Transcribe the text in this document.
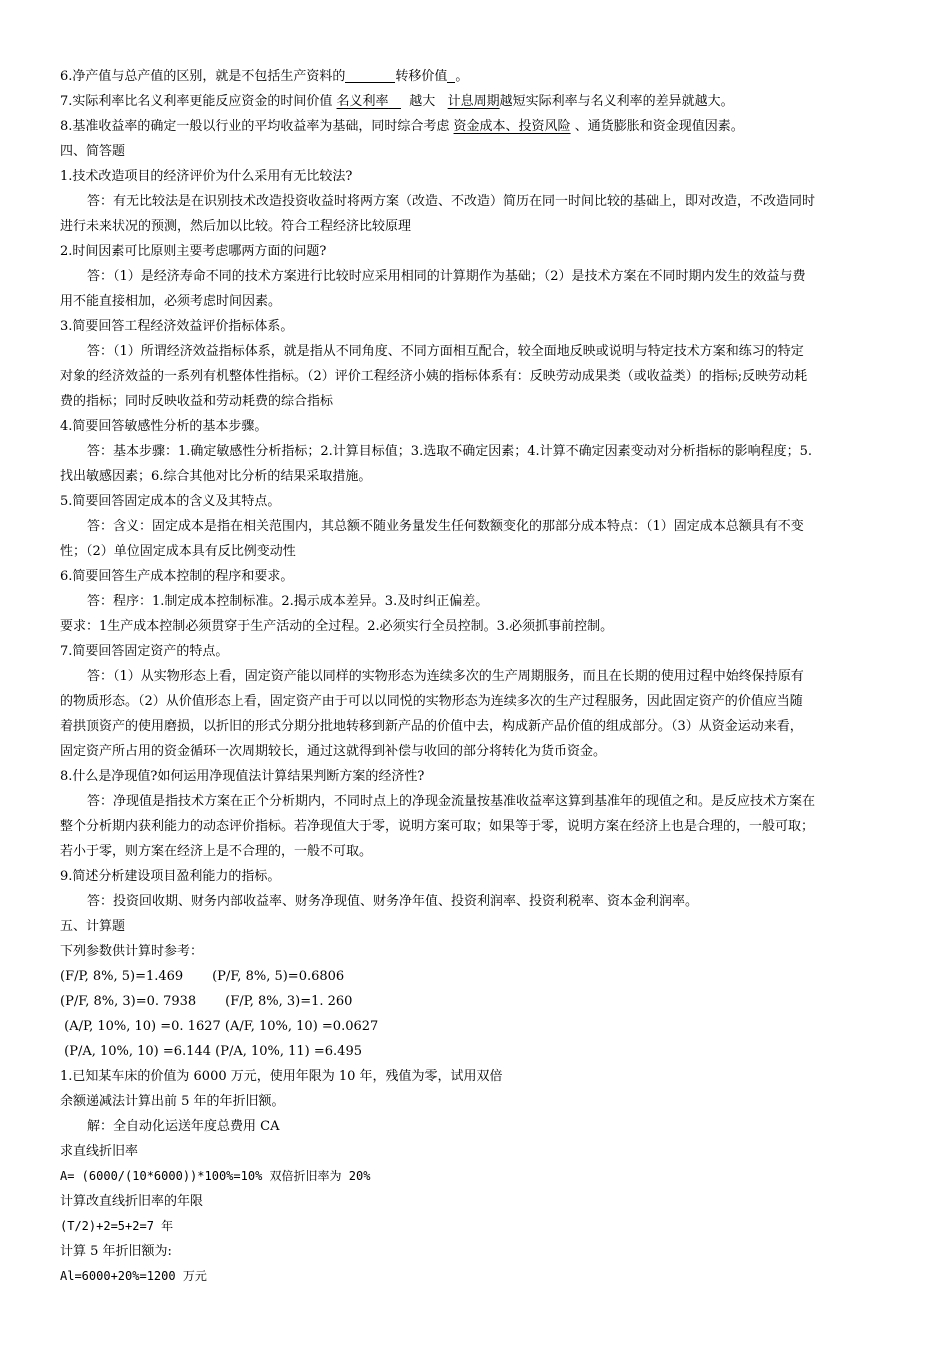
6.净产值与总产值的区别，就是不包括生产资料的	转移价值 。
7.实际利率比名义利率更能反应资金的时间价值 名义利率     越大   计息周期越短实际利率与名义利率的差异就越大。
8.基准收益率的确定一般以行业的平均收益率为基础，同时综合考虑 资金成本、投资风险 、通货膨胀和资金现值因素。
四、简答题
1.技术改造项目的经济评价为什么采用有无比较法?
答：有无比较法是在识别技术改造投资收益时将两方案（改造、不改造）简历在同一时间比较的基础上，即对改造，不改造同时
进行未来状况的预测，然后加以比较。符合工程经济比较原理
2.时间因素可比原则主要考虑哪两方面的问题?
答：（1）是经济寿命不同的技术方案进行比较时应采用相同的计算期作为基础；（2）是技术方案在不同时期内发生的效益与费
用不能直接相加，必须考虑时间因素。
3.简要回答工程经济效益评价指标体系。
答：（1）所谓经济效益指标体系，就是指从不同角度、不同方面相互配合，较全面地反映或说明与特定技术方案和练习的特定
对象的经济效益的一系列有机整体性指标。（2）评价工程经济小姨的指标体系有：反映劳动成果类（或收益类）的指标;反映劳动耗
费的指标；同时反映收益和劳动耗费的综合指标
4.简要回答敏感性分析的基本步骤。
答：基本步骤：1.确定敏感性分析指标；2.计算目标值；3.选取不确定因素；4.计算不确定因素变动对分析指标的影响程度；5.
找出敏感因素；6.综合其他对比分析的结果采取措施。
5.简要回答固定成本的含义及其特点。
答：含义：固定成本是指在相关范围内，其总额不随业务量发生任何数额变化的那部分成本特点：（1）固定成本总额具有不变
性；（2）单位固定成本具有反比例变动性
6.简要回答生产成本控制的程序和要求。
答：程序：1.制定成本控制标准。2.揭示成本差异。3.及时纠正偏差。
要求：1生产成本控制必须贯穿于生产活动的全过程。2.必须实行全员控制。3.必须抓事前控制。
7.简要回答固定资产的特点。
答：（1）从实物形态上看，固定资产能以同样的实物形态为连续多次的生产周期服务，而且在长期的使用过程中始终保持原有
的物质形态。（2）从价值形态上看，固定资产由于可以以同悦的实物形态为连续多次的生产过程服务，因此固定资产的价值应当随
着拱顶资产的使用磨损，以折旧的形式分期分批地转移到新产品的价值中去，构成新产品价值的组成部分。（3）从资金运动来看，
固定资产所占用的资金循环一次周期较长，通过这就得到补偿与收回的部分将转化为货币资金。
8.什么是净现值?如何运用净现值法计算结果判断方案的经济性?
答：净现值是指技术方案在正个分析期内，不同时点上的净现金流量按基准收益率这算到基准年的现值之和。是反应技术方案在
整个分析期内获利能力的动态评价指标。若净现值大于零，说明方案可取；如果等于零，说明方案在经济上也是合理的，一般可取；
若小于零，则方案在经济上是不合理的，一般不可取。
9.简述分析建设项目盈利能力的指标。
答：投资回收期、财务内部收益率、财务净现值、财务净年值、投资利润率、投资利税率、资本金利润率。
五、计算题
下列参数供计算时参考：
(F/P, 8%, 5)=1.469       (P/F, 8%, 5)=0.6806
(P/F, 8%, 3)=0. 7938       (F/P, 8%, 3)=1. 260
(A/P, 10%, 10) =0. 1627 (A/F, 10%, 10) =0.0627
(P/A, 10%, 10) =6.144 (P/A, 10%, 11) =6.495
1.已知某车床的价值为 6000 万元，使用年限为 10 年，残值为零，试用双倍
余额递减法计算出前 5 年的年折旧额。
解：全自动化运送年度总费用 CA
求直线折旧率
A= (6000/(10*6000))*100%=10% 双倍折旧率为 20%
计算改直线折旧率的年限
(T/2)+2=5+2=7 年
计算 5 年折旧额为:
Al=6000+20%=1200 万元
